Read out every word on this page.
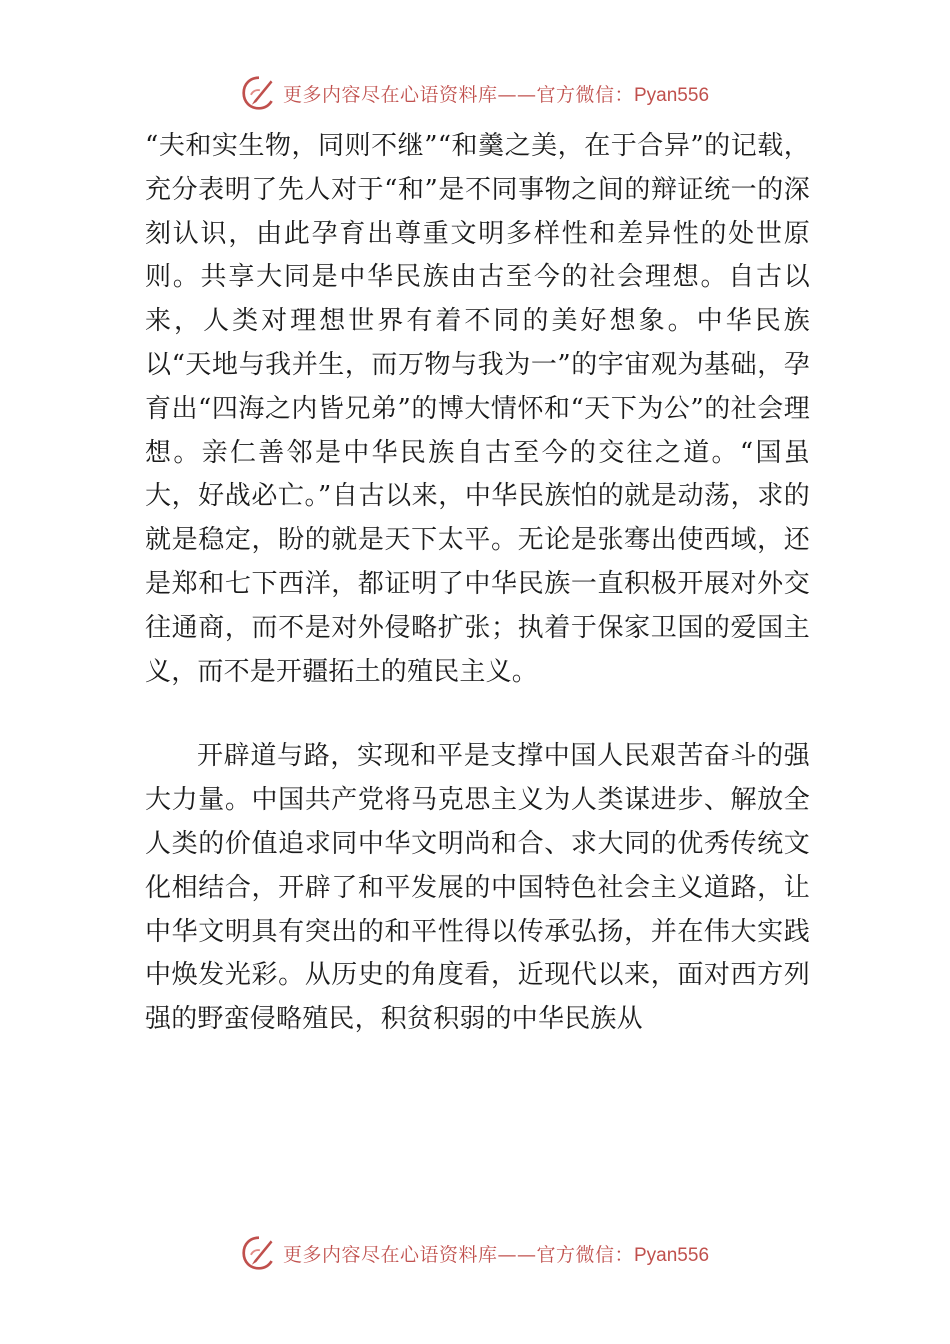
更多内容尽在心语资料库——官方微信：Pyan556

“夫和实生物，同则不继”“和羹之美，在于合异”的记载，充分表明了先人对于“和”是不同事物之间的辩证统一的深刻认识，由此孕育出尊重文明多样性和差异性的处世原则。共享大同是中华民族由古至今的社会理想。自古以来，人类对理想世界有着不同的美好想象。中华民族以“天地与我并生，而万物与我为一”的宇宙观为基础，孕育出“四海之内皆兄弟”的博大情怀和“天下为公”的社会理想。亲仁善邻是中华民族自古至今的交往之道。“国虽大，好战必亡。”自古以来，中华民族怕的就是动荡，求的就是稳定，盼的就是天下太平。无论是张骞出使西域，还是郑和七下西洋，都证明了中华民族一直积极开展对外交往通商，而不是对外侵略扩张；执着于保家卫国的爱国主义，而不是开疆拓土的殖民主义。

开辟道与路，实现和平是支撑中国人民艰苦奋斗的强大力量。中国共产党将马克思主义为人类谋进步、解放全人类的价值追求同中华文明尚和合、求大同的优秀传统文化相结合，开辟了和平发展的中国特色社会主义道路，让中华文明具有突出的和平性得以传承弘扬，并在伟大实践中焕发光彩。从历史的角度看，近现代以来，面对西方列强的野蛮侵略殖民，积贫积弱的中华民族从

更多内容尽在心语资料库——官方微信：Pyan556
